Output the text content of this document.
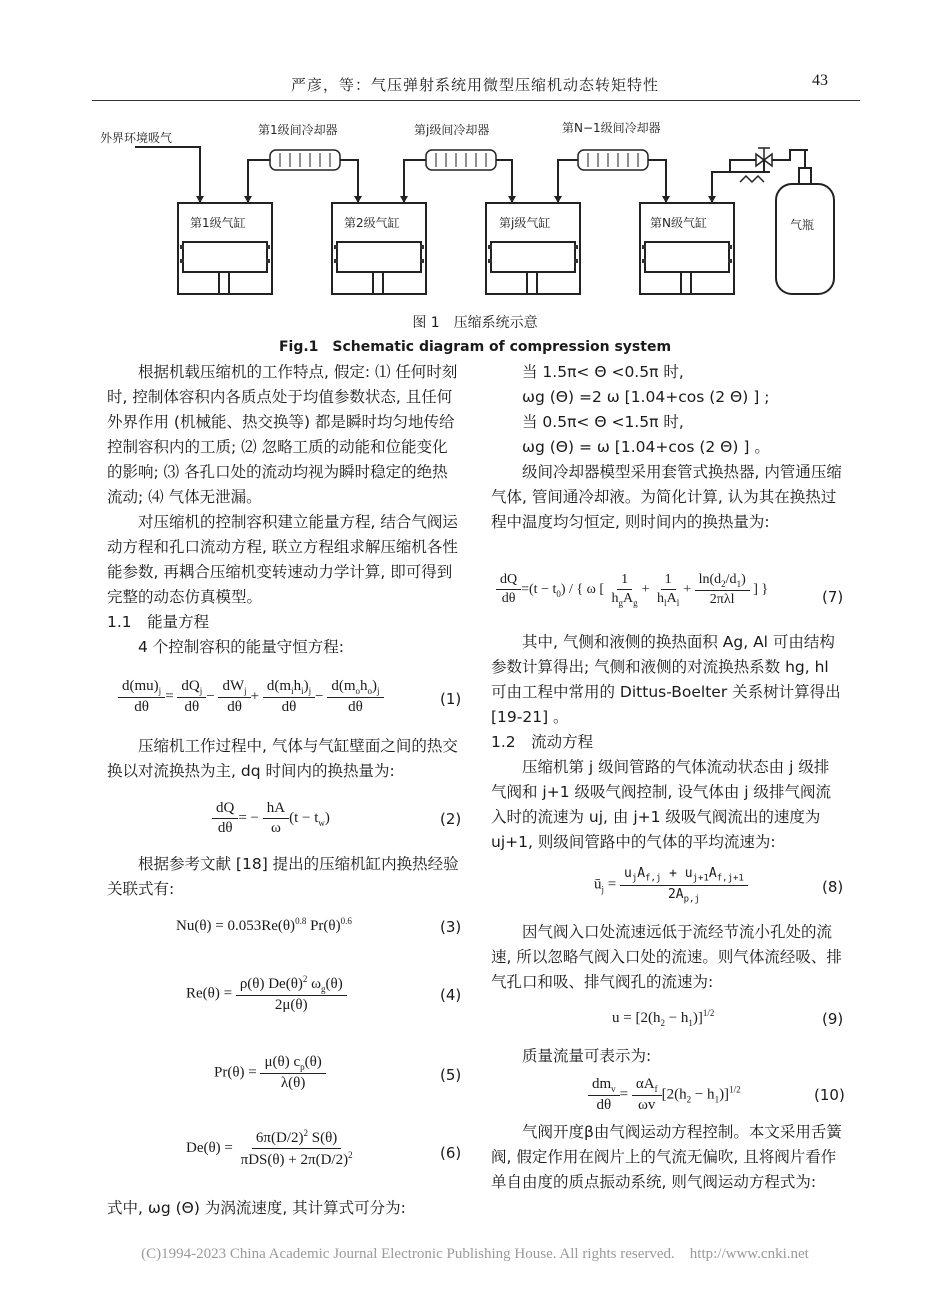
严彦，等：气压弹射系统用微型压缩机动态转矩特性	43
外界环境吸气
第1级间冷却器	第j级间冷却器	第N−1级间冷却器
第1级气缸	第2级气缸	第j级气缸	第N级气缸	气瓶
图 1　压缩系统示意
Fig.1　Schematic diagram of compression system

根据机载压缩机的工作特点, 假定: ⑴ 任何时刻时, 控制体容积内各质点处于均值参数状态, 且任何外界作用 (机械能、热交换等) 都是瞬时均匀地传给控制容积内的工质; ⑵ 忽略工质的动能和位能变化的影响; ⑶ 各孔口处的流动均视为瞬时稳定的绝热流动; ⑷ 气体无泄漏。

对压缩机的控制容积建立能量方程, 结合气阀运动方程和孔口流动方程, 联立方程组求解压缩机各性能参数, 再耦合压缩机变转速动力学计算, 即可得到完整的动态仿真模型。

1.1　能量方程

4 个控制容积的能量守恒方程:

$\frac{d(mu)_j}{d\theta} = \frac{dQ_j}{d\theta} - \frac{dW_j}{d\theta} + \frac{d(m_ih_i)_j}{d\theta} - \frac{d(m_oh_o)_j}{d\theta}$	(1)

压缩机工作过程中, 气体与气缸壁面之间的热交换以对流换热为主, dq 时间内的换热量为:

$\frac{dQ}{d\theta}$ = − $\frac{hA}{\omega} (t - t_w)$	(2)

根据参考文献 [18] 提出的压缩机缸内换热经验关联式有:

$Nu(\theta) = 0.053Re(\theta)^{0.8}$ $Pr(\theta)^{0.6}$	(3)
$Re(\theta) = \frac{\rho(\theta) De(\theta)^2 \omega_g(\theta)}{2\mu(\theta)}$	(4)
$Pr(\theta) = \frac{\mu(\theta) c_p(\theta)}{\lambda(\theta)}$	(5)
$De(\theta) = \frac{6\pi(D/2)^2 S(\theta)}{\pi DS(\theta) + 2\pi(D/2)^2}$	(6)

式中, ωg (Θ) 为涡流速度, 其计算式可分为:

当 1.5π< Θ <0.5π 时,

ωg (Θ) =2 ω [1.04+cos (2 Θ) ] ;

当 0.5π< Θ <1.5π 时,

ωg (Θ) = ω [1.04+cos (2 Θ) ] 。

级间冷却器模型采用套管式换热器, 内管通压缩气体, 管间通冷却液。为简化计算, 认为其在换热过程中温度均匀恒定, 则时间内的换热量为:

$\frac{dQ}{d\theta} =(t - t_0)$ / { ω [ $\frac{1}{h_gA_g} + \frac{1}{h_lA_l} + \frac{\ln(d_2/d_1)}{\text{2πλl}}$ ] }	(7)

其中, 气侧和液侧的换热面积 Ag, Al 可由结构参数计算得出; 气侧和液侧的对流换热系数 hg, hl 可由工程中常用的 Dittus-Boelter 关系树计算得出 [19-21] 。

1.2　流动方程

压缩机第 j 级间管路的气体流动状态由 j 级排气阀和 j+1 级吸气阀控制, 设气体由 j 级排气阀流入时的流速为 uj, 由 j+1 级吸气阀流出的速度为 uj+1, 则级间管路中的气体的平均流速为:

$ū_j = \frac{u_jA_{f,j} + u_{j+1}A_{f,j+1}}{2A_{p,j}}$	(8)

因气阀入口处流速远低于流经节流小孔处的流速, 所以忽略气阀入口处的流速。则气体流经吸、排气孔口和吸、排气阀孔的流速为:

$u = [2(h_2 - h_1)]^{1/2}$	(9)

质量流量可表示为:

$\frac{dm_v}{d\theta} = \frac{\alpha A_f}{\omega v} [2(h_2 - h_1)]^{1/2}$	(10)

气阀开度β由气阀运动方程控制。本文采用舌簧阀, 假定作用在阀片上的气流无偏吹, 且将阀片看作单自由度的质点振动系统, 则气阀运动方程式为:

(C)1994-2023 China Academic Journal Electronic Publishing House. All rights reserved.　http://www.cnki.net
